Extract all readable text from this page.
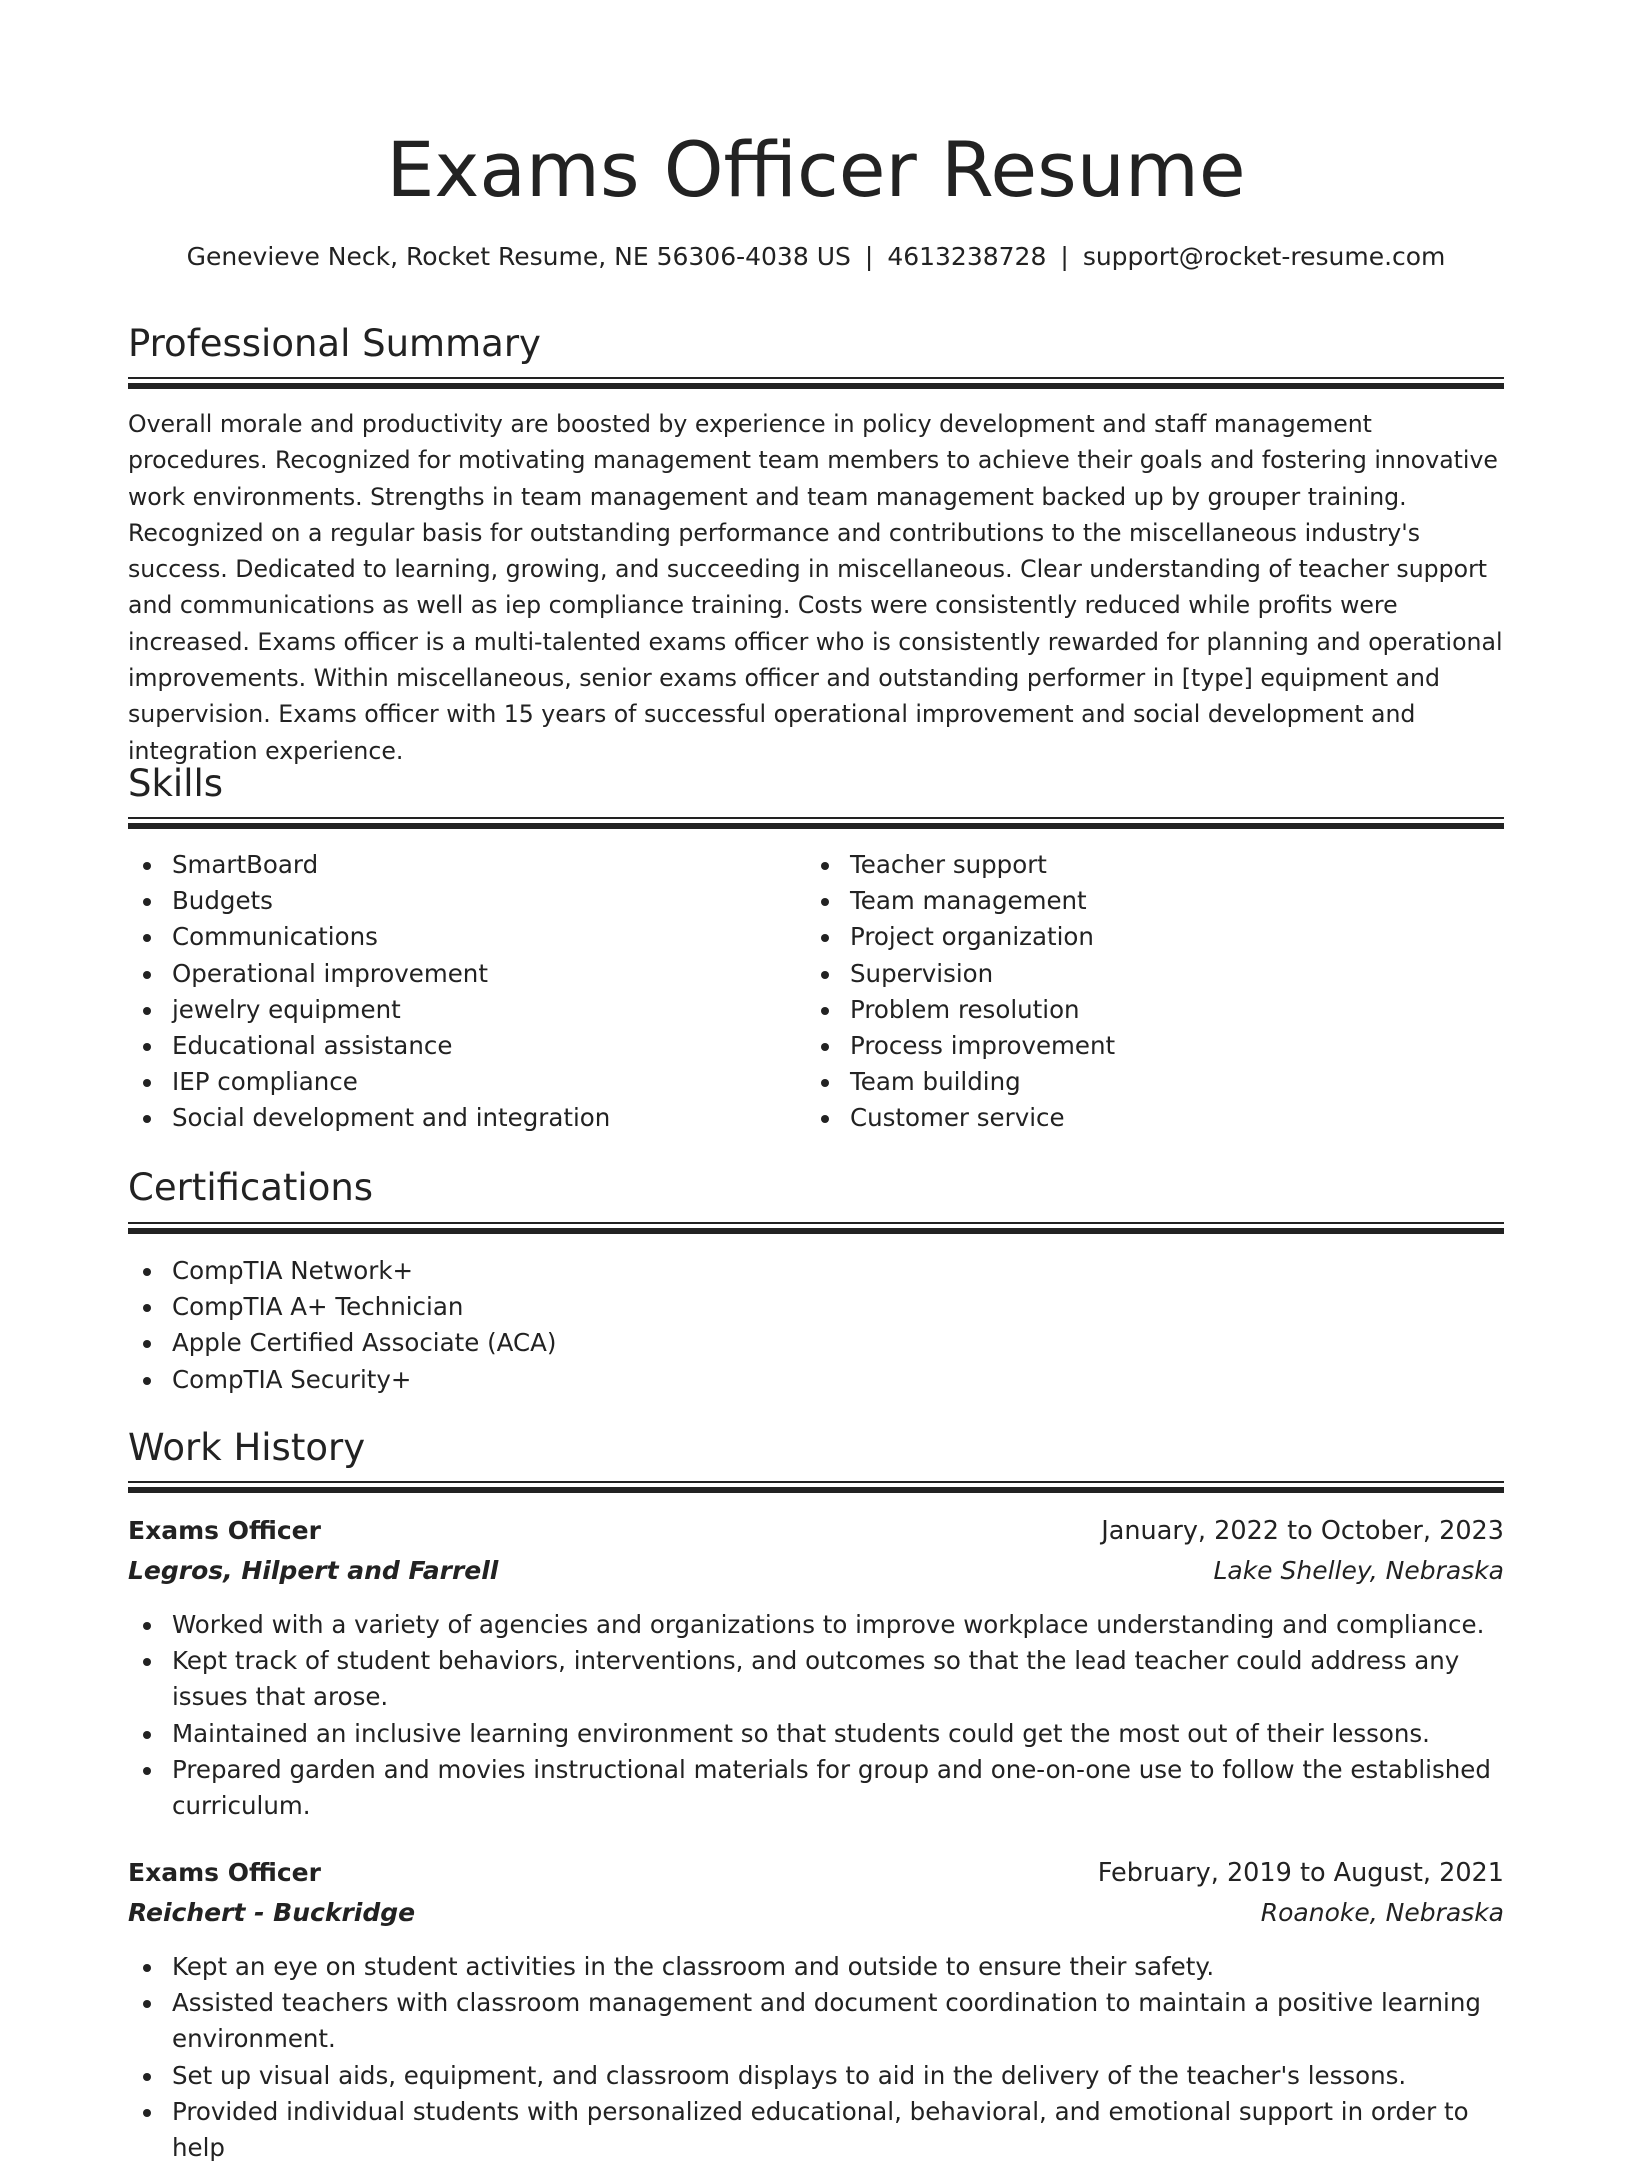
Exams Officer Resume
Genevieve Neck, Rocket Resume, NE 56306-4038 US | 4613238728 | support@rocket-resume.com
Professional Summary
Overall morale and productivity are boosted by experience in policy development and staff management procedures. Recognized for motivating management team members to achieve their goals and fostering innovative work environments. Strengths in team management and team management backed up by grouper training. Recognized on a regular basis for outstanding performance and contributions to the miscellaneous industry's success. Dedicated to learning, growing, and succeeding in miscellaneous. Clear understanding of teacher support and communications as well as iep compliance training. Costs were consistently reduced while profits were increased. Exams officer is a multi-talented exams officer who is consistently rewarded for planning and operational improvements. Within miscellaneous, senior exams officer and outstanding performer in [type] equipment and supervision. Exams officer with 15 years of successful operational improvement and social development and integration experience.
Skills
SmartBoard
Budgets
Communications
Operational improvement
jewelry equipment
Educational assistance
IEP compliance
Social development and integration
Teacher support
Team management
Project organization
Supervision
Problem resolution
Process improvement
Team building
Customer service
Certifications
CompTIA Network+
CompTIA A+ Technician
Apple Certified Associate (ACA)
CompTIA Security+
Work History
Exams Officer	January, 2022 to October, 2023
Legros, Hilpert and Farrell	Lake Shelley, Nebraska
Worked with a variety of agencies and organizations to improve workplace understanding and compliance.
Kept track of student behaviors, interventions, and outcomes so that the lead teacher could address any issues that arose.
Maintained an inclusive learning environment so that students could get the most out of their lessons.
Prepared garden and movies instructional materials for group and one-on-one use to follow the established curriculum.
Exams Officer	February, 2019 to August, 2021
Reichert - Buckridge	Roanoke, Nebraska
Kept an eye on student activities in the classroom and outside to ensure their safety.
Assisted teachers with classroom management and document coordination to maintain a positive learning environment.
Set up visual aids, equipment, and classroom displays to aid in the delivery of the teacher's lessons.
Provided individual students with personalized educational, behavioral, and emotional support in order to help
